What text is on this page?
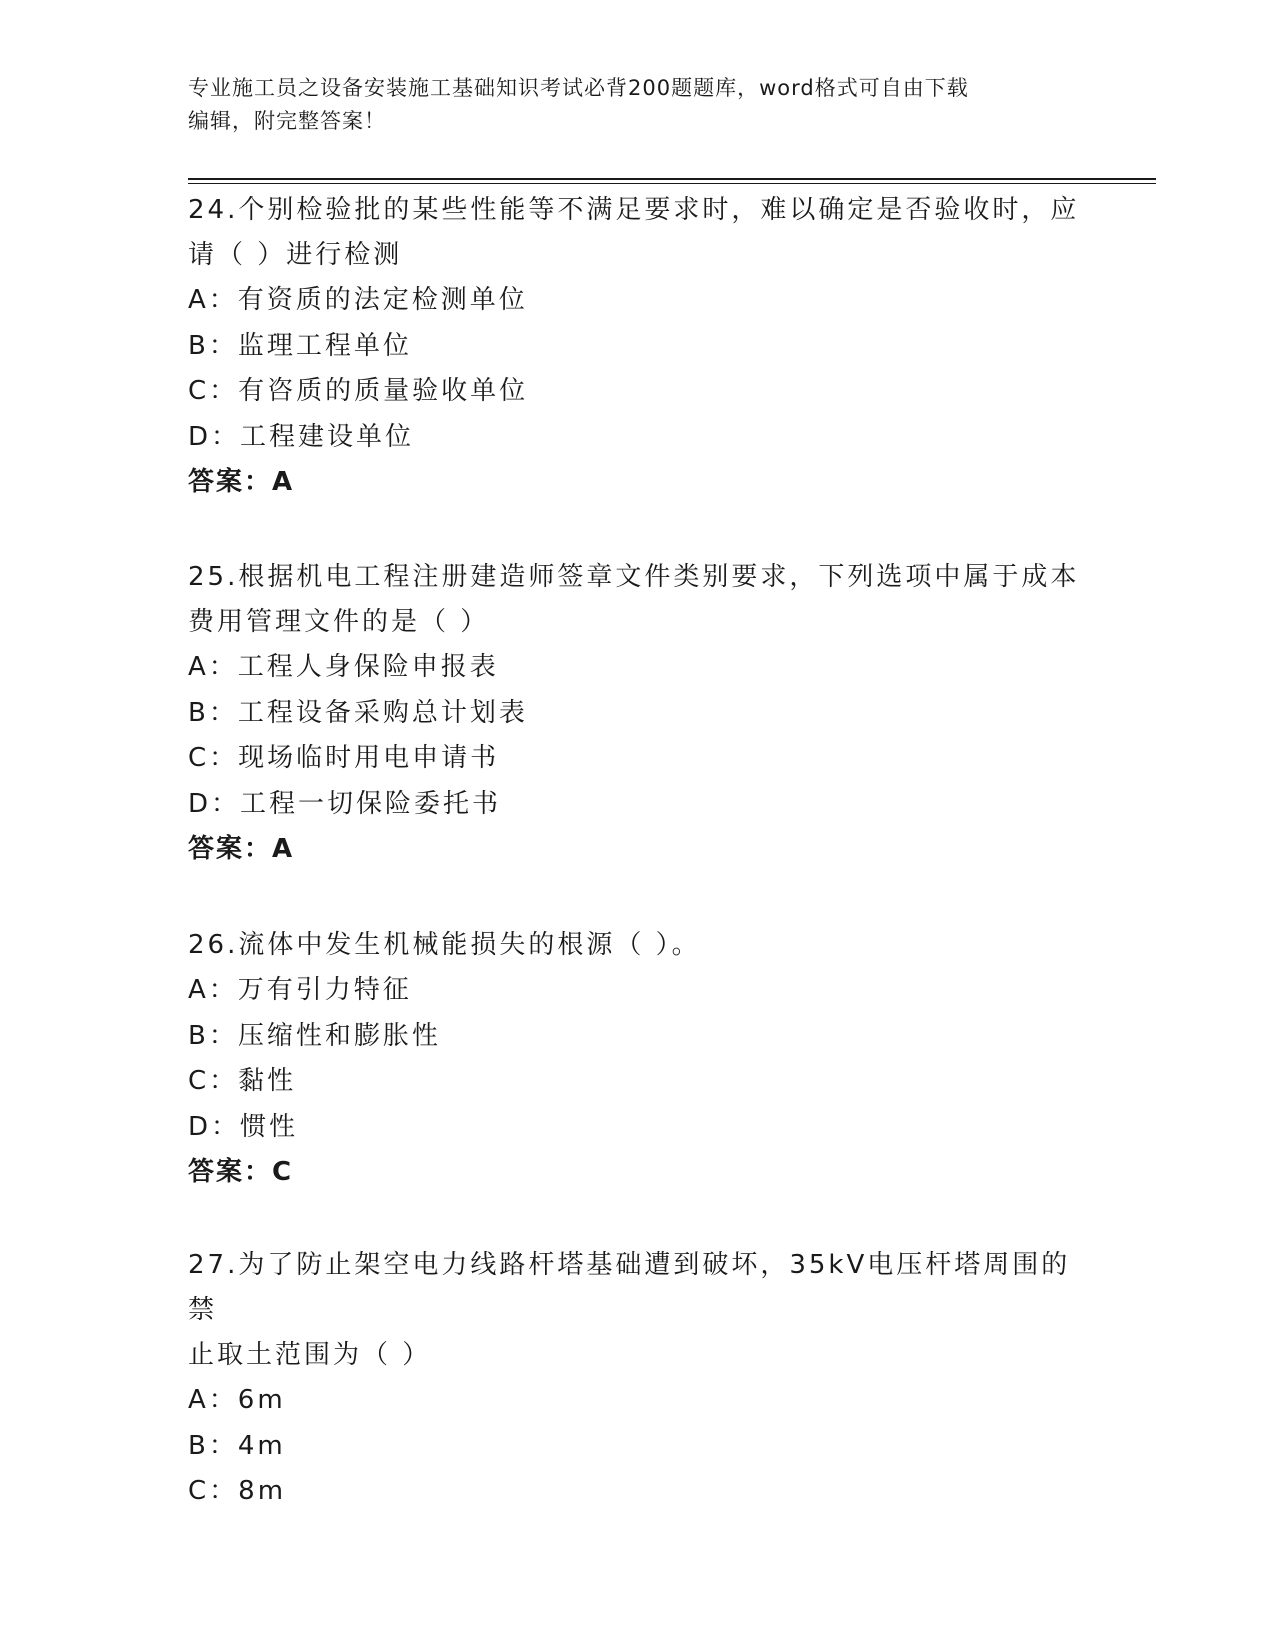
专业施工员之设备安装施工基础知识考试必背200题题库，word格式可自由下载
编辑，附完整答案！
24.个别检验批的某些性能等不满足要求时，难以确定是否验收时，应
请（ ）进行检测
A：有资质的法定检测单位
B：监理工程单位
C：有咨质的质量验收单位
D：工程建设单位
答案：A
25.根据机电工程注册建造师签章文件类别要求，下列选项中属于成本
费用管理文件的是（ ）
A：工程人身保险申报表
B：工程设备采购总计划表
C：现场临时用电申请书
D：工程一切保险委托书
答案：A
26.流体中发生机械能损失的根源（ ）。
A：万有引力特征
B：压缩性和膨胀性
C：黏性
D：惯性
答案：C
27.为了防止架空电力线路杆塔基础遭到破坏，35kV电压杆塔周围的禁
止取土范围为（ ）
A：6m
B：4m
C：8m
